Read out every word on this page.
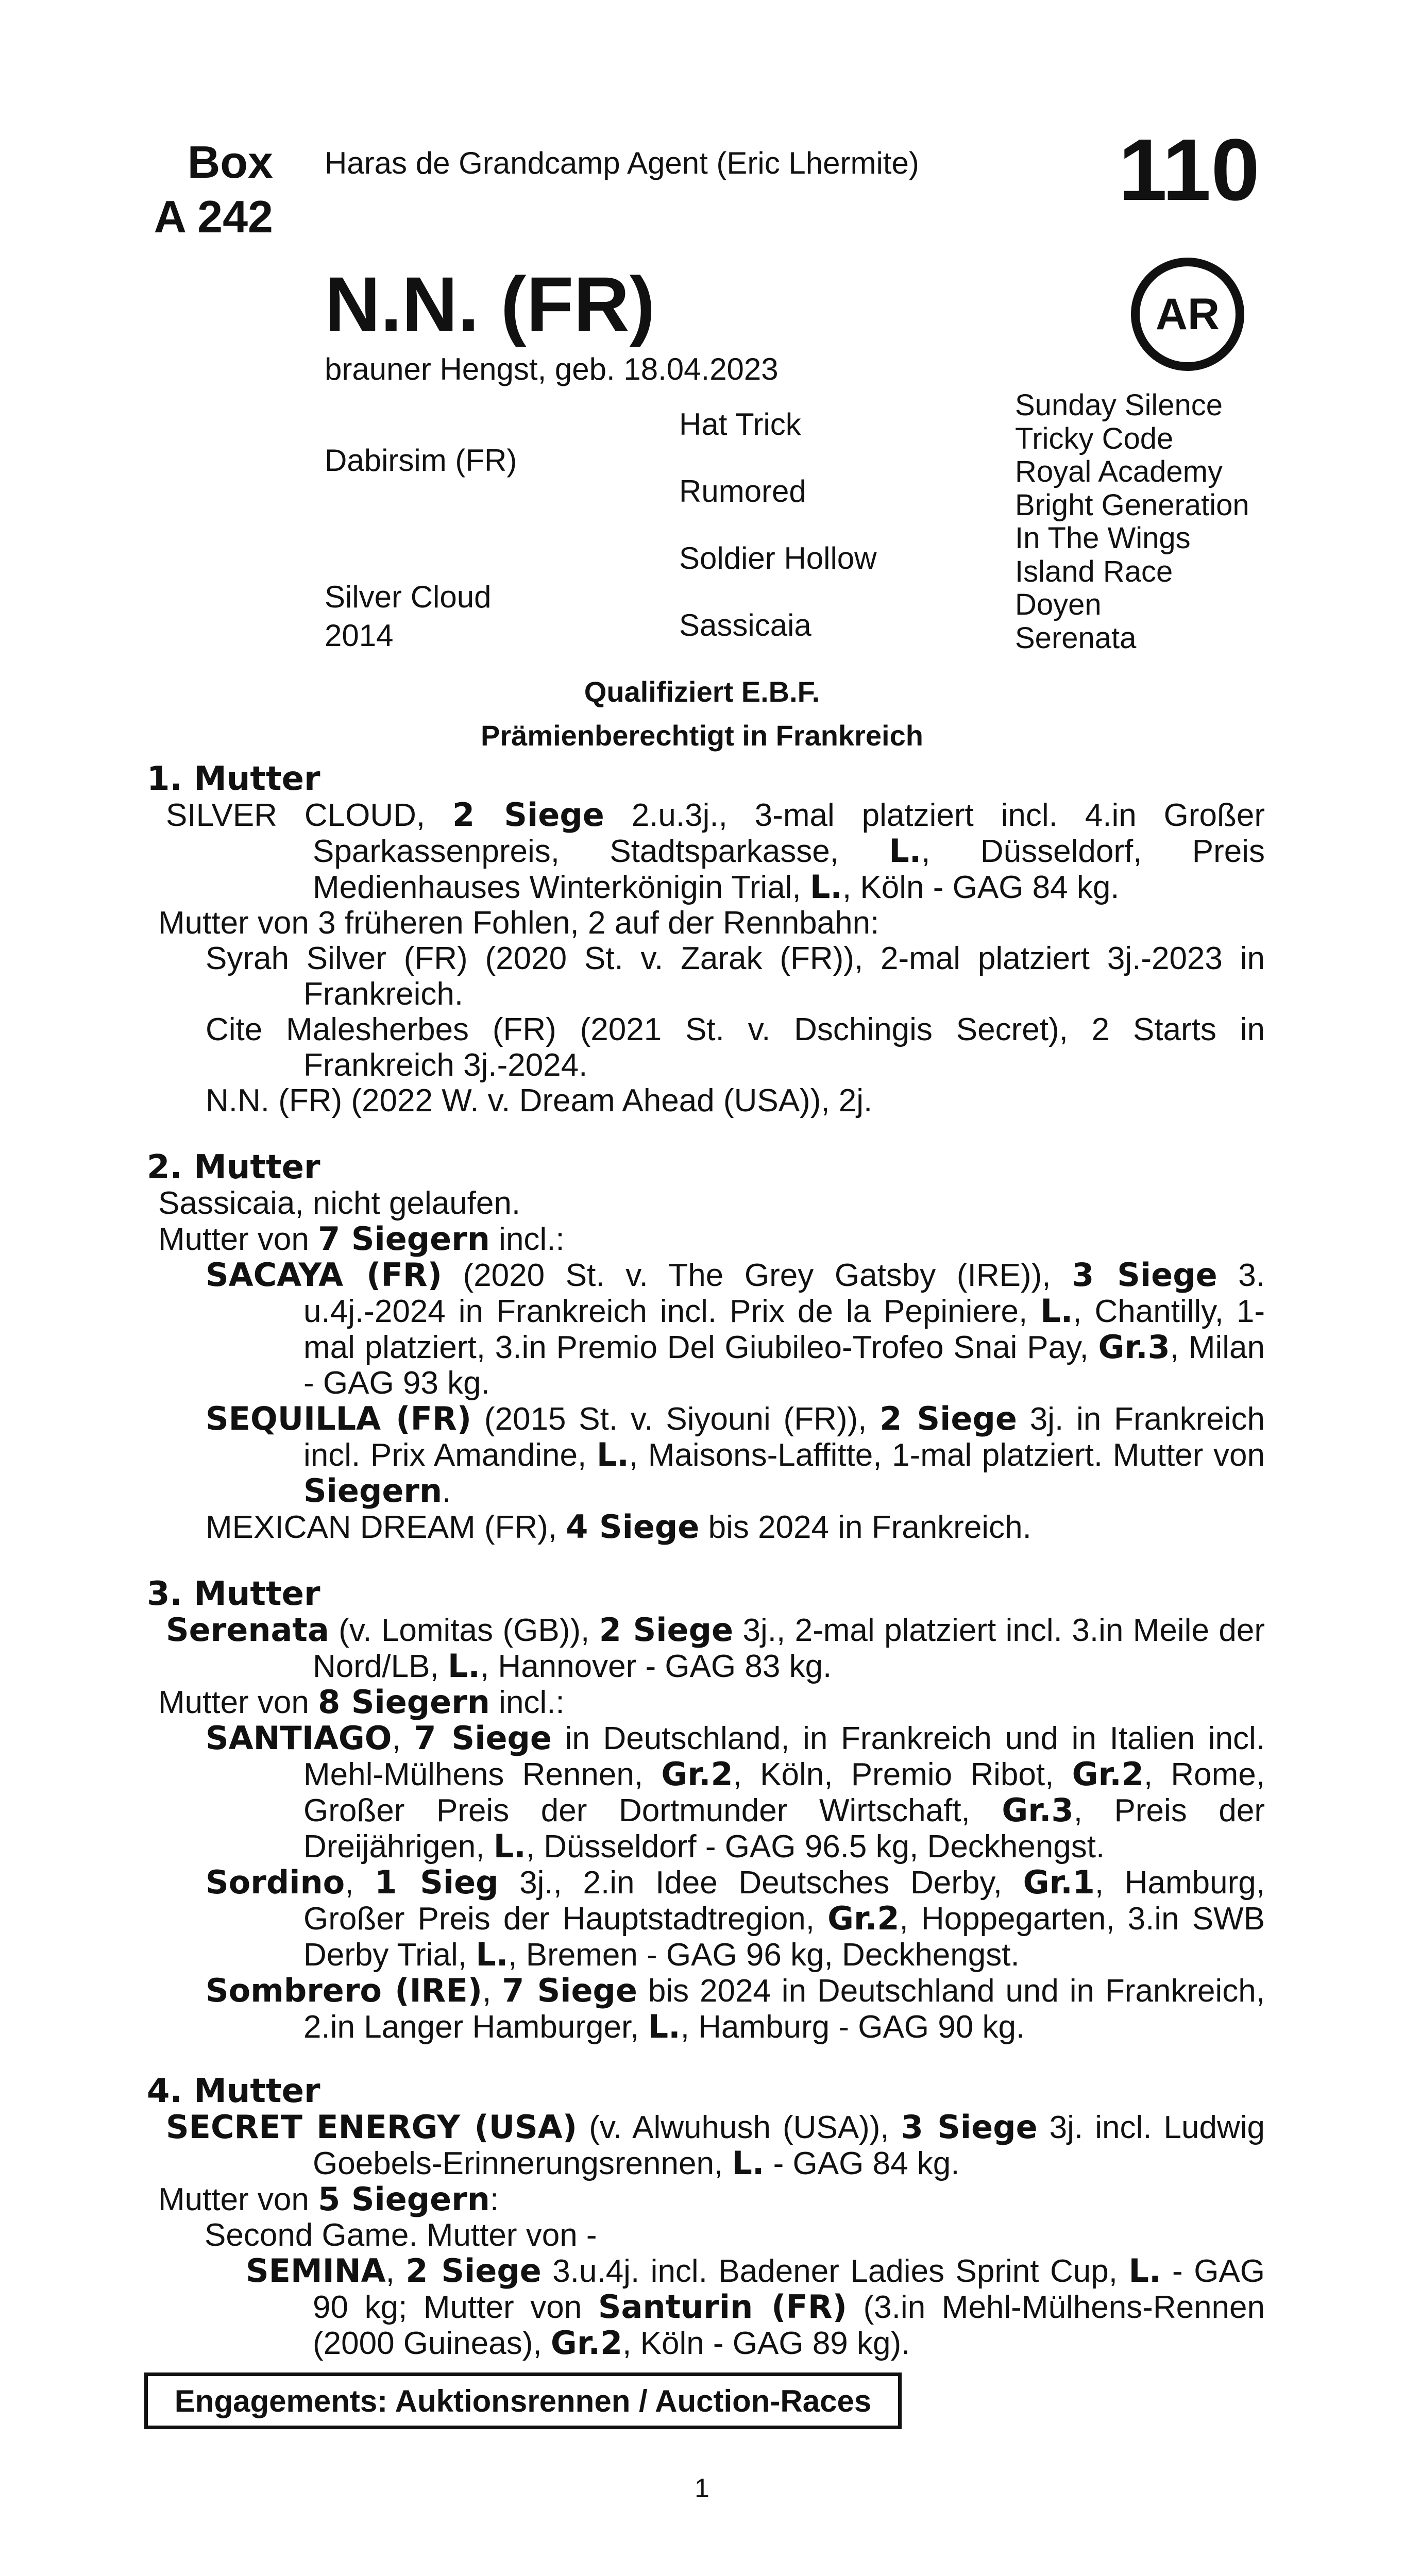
Box
A 242
Haras de Grandcamp Agent (Eric Lhermite) 110
AR
N.N. (FR)
brauner Hengst, geb. 18.04.2023
Dabirsim (FR)
Silver Cloud
2014
Hat Trick
Rumored
Soldier Hollow
Sassicaia
Sunday Silence
Tricky Code
Royal Academy
Bright Generation
In The Wings
Island Race
Doyen
Serenata
Qualifiziert E.B.F.
Prämienberechtigt in Frankreich
1. Mutter

SILVER CLOUD, 2 Siege 2.u.3j., 3-mal platziert incl. 4.in Großer Sparkassenpreis, Stadtsparkasse, L., Düsseldorf, Preis Medienhauses Winterkönigin Trial, L., Köln - GAG 84 kg.

Mutter von 3 früheren Fohlen, 2 auf der Rennbahn:

Syrah Silver (FR) (2020 St. v. Zarak (FR)), 2-mal platziert 3j.-2023 in Frankreich.

Cite Malesherbes (FR) (2021 St. v. Dschingis Secret), 2 Starts in Frankreich 3j.-2024.

N.N. (FR) (2022 W. v. Dream Ahead (USA)), 2j.

2. Mutter

Sassicaia, nicht gelaufen.

Mutter von 7 Siegern incl.:

SACAYA (FR) (2020 St. v. The Grey Gatsby (IRE)), 3 Siege 3. u.4j.-2024 in Frankreich incl. Prix de la Pepiniere, L., Chantilly, 1-mal platziert, 3.in Premio Del Giubileo-Trofeo Snai Pay, Gr.3, Milan - GAG 93 kg.

SEQUILLA (FR) (2015 St. v. Siyouni (FR)), 2 Siege 3j. in Frankreich incl. Prix Amandine, L., Maisons-Laffitte, 1-mal platziert. Mutter von Siegern.

MEXICAN DREAM (FR), 4 Siege bis 2024 in Frankreich.

3. Mutter

Serenata (v. Lomitas (GB)), 2 Siege 3j., 2-mal platziert incl. 3.in Meile der Nord/LB, L., Hannover - GAG 83 kg.

Mutter von 8 Siegern incl.:

SANTIAGO, 7 Siege in Deutschland, in Frankreich und in Italien incl. Mehl-Mülhens Rennen, Gr.2, Köln, Premio Ribot, Gr.2, Rome, Großer Preis der Dortmunder Wirtschaft, Gr.3, Preis der Dreijährigen, L., Düsseldorf - GAG 96.5 kg, Deckhengst.

Sordino, 1 Sieg 3j., 2.in Idee Deutsches Derby, Gr.1, Hamburg, Großer Preis der Hauptstadtregion, Gr.2, Hoppegarten, 3.in SWB Derby Trial, L., Bremen - GAG 96 kg, Deckhengst.

Sombrero (IRE), 7 Siege bis 2024 in Deutschland und in Frankreich, 2.in Langer Hamburger, L., Hamburg - GAG 90 kg.

4. Mutter

SECRET ENERGY (USA) (v. Alwuhush (USA)), 3 Siege 3j. incl. Ludwig Goebels-Erinnerungsrennen, L. - GAG 84 kg.

Mutter von 5 Siegern:

Second Game. Mutter von -

SEMINA, 2 Siege 3.u.4j. incl. Badener Ladies Sprint Cup, L. - GAG 90 kg; Mutter von Santurin (FR) (3.in Mehl-Mülhens-Rennen (2000 Guineas), Gr.2, Köln - GAG 89 kg).

Engagements: Auktionsrennen / Auction-Races
1
